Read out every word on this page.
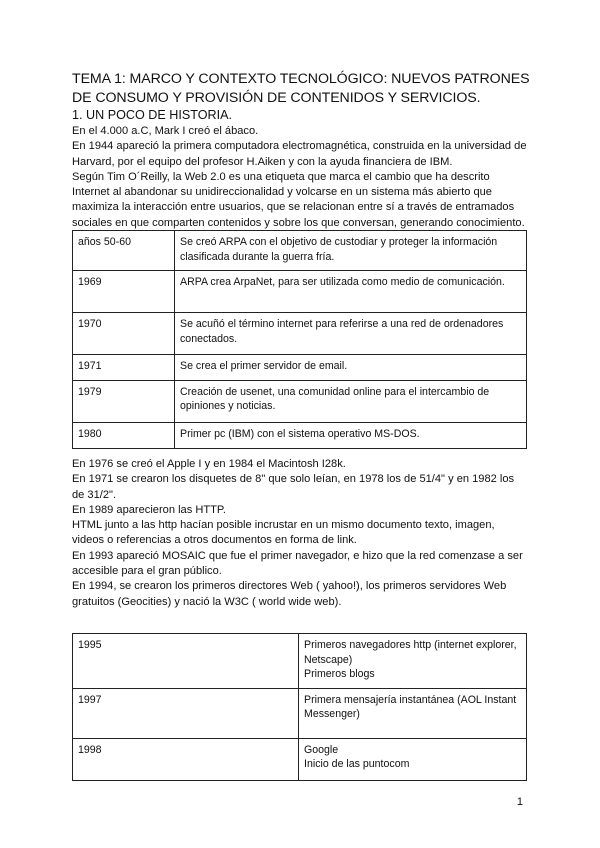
TEMA 1: MARCO Y CONTEXTO TECNOLÓGICO: NUEVOS PATRONES DE CONSUMO Y PROVISIÓN DE CONTENIDOS Y SERVICIOS.
1. UN POCO DE HISTORIA.
En el 4.000 a.C, Mark I creó el ábaco.
En 1944 apareció la primera computadora electromagnética, construida en la universidad de
Harvard, por el equipo del profesor H.Aiken y con la ayuda financiera de IBM.
Según Tim O´Reilly, la Web 2.0 es una etiqueta que marca el cambio que ha descrito
Internet al abandonar su unidireccionalidad y volcarse en un sistema más abierto que
maximiza la interacción entre usuarios, que se relacionan entre sí a través de entramados
sociales en que comparten contenidos y sobre los que conversan, generando conocimiento.
años 50-60	Se creó ARPA con el objetivo de custodiar y proteger la información clasificada durante la guerra fría.
1969	ARPA crea ArpaNet, para ser utilizada como medio de comunicación.
1970	Se acuñó el término internet para referirse a una red de ordenadores conectados.
1971	Se crea el primer servidor de email.
1979	Creación de usenet, una comunidad online para el intercambio de opiniones y noticias.
1980	Primer pc (IBM) con el sistema operativo MS-DOS.
En 1976 se creó el Apple I y en 1984 el Macintosh I28k.
En 1971 se crearon los disquetes de 8" que solo leían, en 1978 los de 51/4" y en 1982 los
de 31/2".
En 1989 aparecieron las HTTP.
HTML junto a las http hacían posible incrustar en un mismo documento texto, imagen,
videos o referencias a otros documentos en forma de link.
En 1993 apareció MOSAIC que fue el primer navegador, e hizo que la red comenzase a ser
accesible para el gran público.
En 1994, se crearon los primeros directores Web ( yahoo!), los primeros servidores Web
gratuitos (Geocities) y nació la W3C ( world wide web).
1995	Primeros navegadores http (internet explorer, Netscape)
Primeros blogs

1997	Primera mensajería instantánea (AOL Instant Messenger)

1998	Google
Inicio de las puntocom
1
